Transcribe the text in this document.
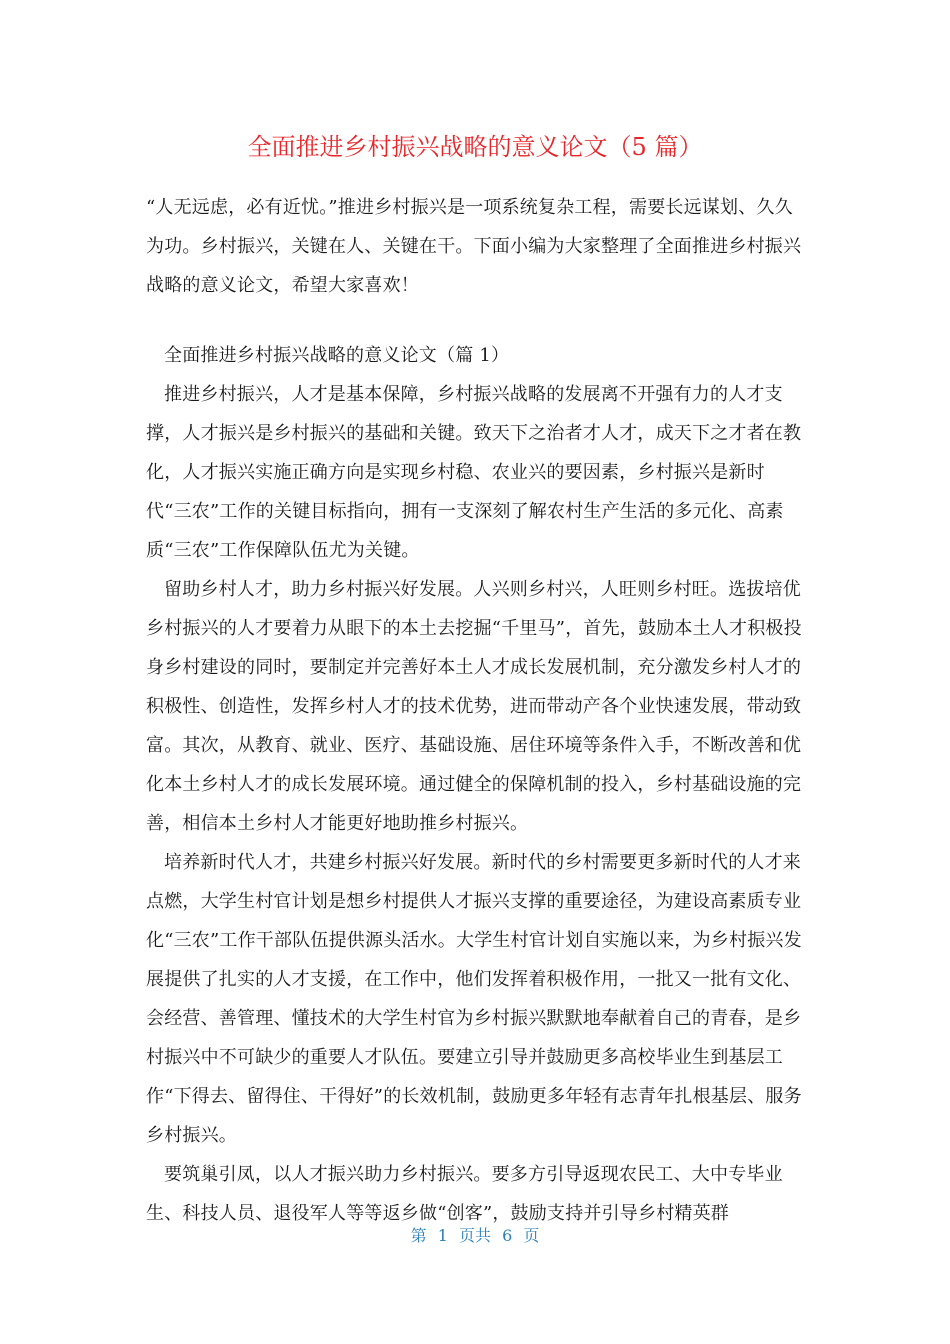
全面推进乡村振兴战略的意义论文（5 篇）

“人无远虑，必有近忧。”推进乡村振兴是一项系统复杂工程，需要长远谋划、久久为功。乡村振兴，关键在人、关键在干。下面小编为大家整理了全面推进乡村振兴战略的意义论文，希望大家喜欢！

全面推进乡村振兴战略的意义论文（篇 1）

推进乡村振兴，人才是基本保障，乡村振兴战略的发展离不开强有力的人才支撑，人才振兴是乡村振兴的基础和关键。致天下之治者才人才，成天下之才者在教化，人才振兴实施正确方向是实现乡村稳、农业兴的要因素，乡村振兴是新时代“三农”工作的关键目标指向，拥有一支深刻了解农村生产生活的多元化、高素质“三农”工作保障队伍尤为关键。

留助乡村人才，助力乡村振兴好发展。人兴则乡村兴，人旺则乡村旺。选拔培优乡村振兴的人才要着力从眼下的本土去挖掘“千里马”，首先，鼓励本土人才积极投身乡村建设的同时，要制定并完善好本土人才成长发展机制，充分激发乡村人才的积极性、创造性，发挥乡村人才的技术优势，进而带动产各个业快速发展，带动致富。其次，从教育、就业、医疗、基础设施、居住环境等条件入手，不断改善和优化本土乡村人才的成长发展环境。通过健全的保障机制的投入，乡村基础设施的完善，相信本土乡村人才能更好地助推乡村振兴。

培养新时代人才，共建乡村振兴好发展。新时代的乡村需要更多新时代的人才来点燃，大学生村官计划是想乡村提供人才振兴支撑的重要途径，为建设高素质专业化“三农”工作干部队伍提供源头活水。大学生村官计划自实施以来，为乡村振兴发展提供了扎实的人才支援，在工作中，他们发挥着积极作用，一批又一批有文化、会经营、善管理、懂技术的大学生村官为乡村振兴默默地奉献着自己的青春，是乡村振兴中不可缺少的重要人才队伍。要建立引导并鼓励更多高校毕业生到基层工作“下得去、留得住、干得好”的长效机制，鼓励更多年轻有志青年扎根基层、服务乡村振兴。

要筑巢引凤，以人才振兴助力乡村振兴。要多方引导返现农民工、大中专毕业生、科技人员、退役军人等等返乡做“创客”，鼓励支持并引导乡村精英群

第 1 页共 6 页
